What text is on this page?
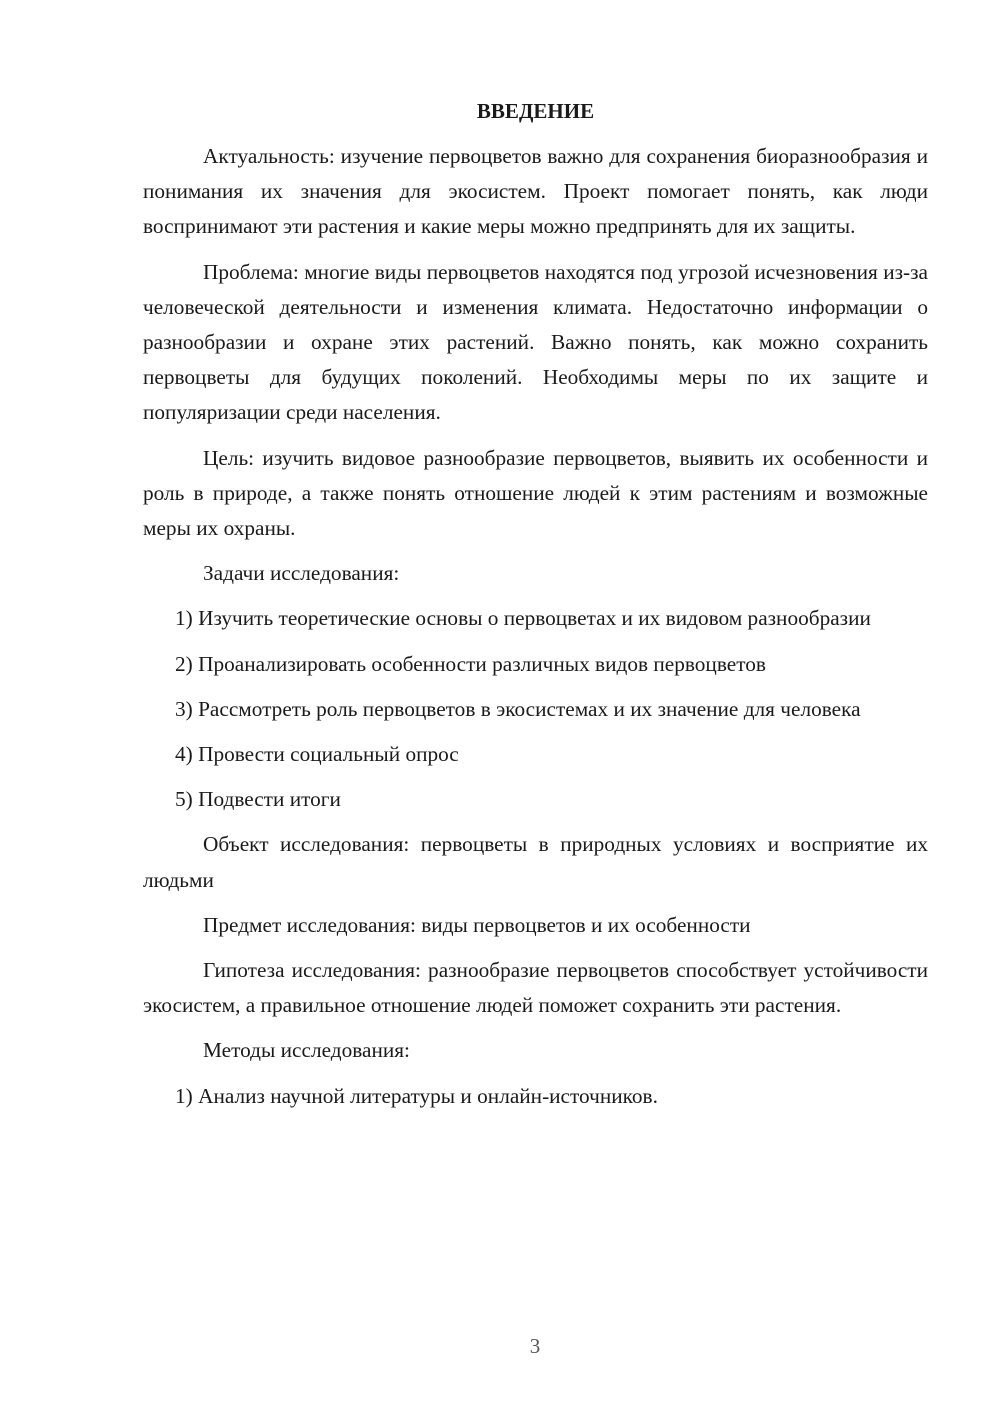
ВВЕДЕНИЕ

Актуальность: изучение первоцветов важно для сохранения биоразнообразия и понимания их значения для экосистем. Проект помогает понять, как люди воспринимают эти растения и какие меры можно предпринять для их защиты.

Проблема: многие виды первоцветов находятся под угрозой исчезновения из-за человеческой деятельности и изменения климата. Недостаточно информации о разнообразии и охране этих растений. Важно понять, как можно сохранить первоцветы для будущих поколений. Необходимы меры по их защите и популяризации среди населения.

Цель: изучить видовое разнообразие первоцветов, выявить их особенности и роль в природе, а также понять отношение людей к этим растениям и возможные меры их охраны.

Задачи исследования:

1) Изучить теоретические основы о первоцветах и их видовом разнообразии

2) Проанализировать особенности различных видов первоцветов

3) Рассмотреть роль первоцветов в экосистемах и их значение для человека

4) Провести социальный опрос

5) Подвести итоги

Объект исследования: первоцветы в природных условиях и восприятие их людьми

Предмет исследования: виды первоцветов и их особенности

Гипотеза исследования: разнообразие первоцветов способствует устойчивости экосистем, а правильное отношение людей поможет сохранить эти растения.

Методы исследования:

1) Анализ научной литературы и онлайн-источников.

3
